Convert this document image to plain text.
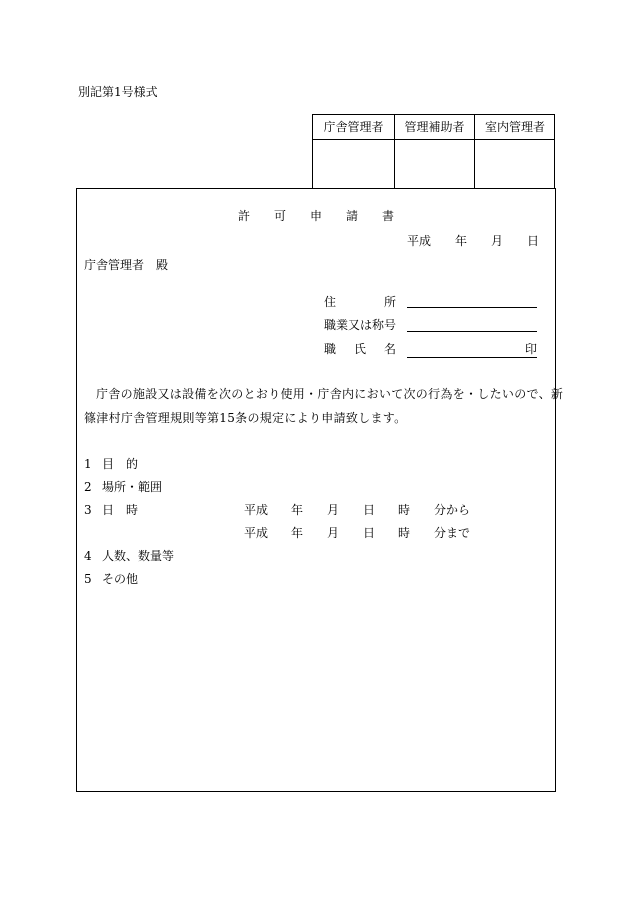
別記第1号様式
庁舎管理者	管理補助者	室内管理者
許 可 申 請 書
平成 年 月 日
庁舎管理者　殿
住	所
職業又は称号
職 氏 名	印
庁舎の施設又は設備を次のとおり使用・庁舎内において次の行為を・したいので、新
篠津村庁舎管理規則等第15条の規定により申請致します。
1 目　的
2 場所・範囲
3 日　時	平成 年 月 日 時 分から
平成 年 月 日 時 分まで
4 人数、数量等
5 その他
